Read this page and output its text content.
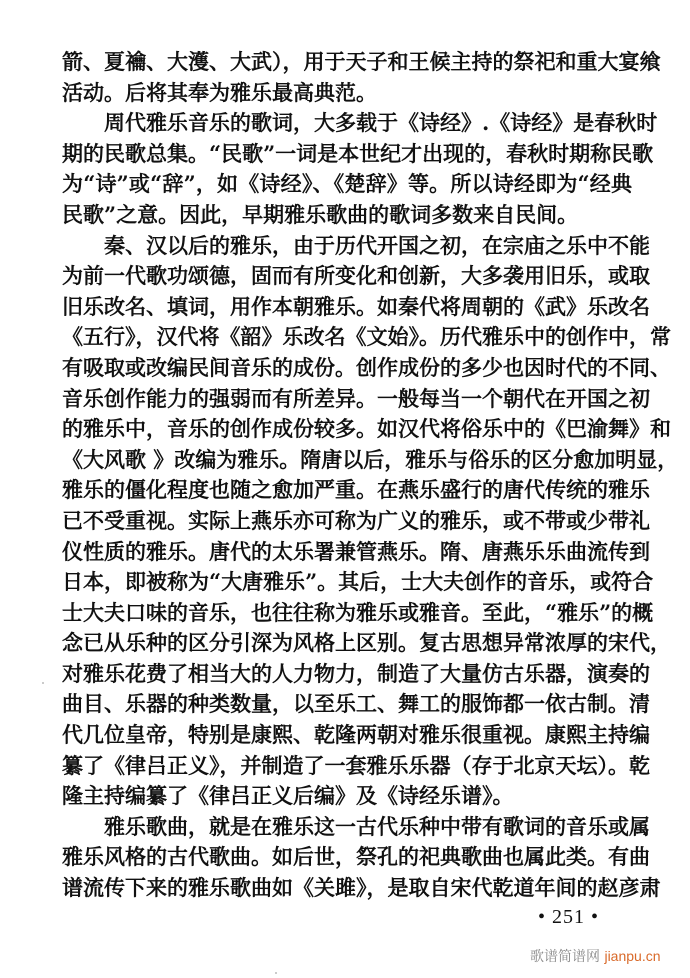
箭、夏禴、大濩、大武），用于天子和王候主持的祭祀和重大宴飨
活动。后将其奉为雅乐最高典范。
周代雅乐音乐的歌词，大多载于《诗经》.《诗经》是春秋时
期的民歌总集。“民歌”一词是本世纪才出现的，春秋时期称民歌
为“诗”或“辞”，如《诗经》、《楚辞》等。所以诗经即为“经典
民歌”之意。因此，早期雅乐歌曲的歌词多数来自民间。
秦、汉以后的雅乐，由于历代开国之初，在宗庙之乐中不能
为前一代歌功颂德，固而有所变化和创新，大多袭用旧乐，或取
旧乐改名、填词，用作本朝雅乐。如秦代将周朝的《武》乐改名
《五行》，汉代将《韶》乐改名《文始》。历代雅乐中的创作中，常
有吸取或改编民间音乐的成份。创作成份的多少也因时代的不同、
音乐创作能力的强弱而有所差异。一般每当一个朝代在开国之初
的雅乐中，音乐的创作成份较多。如汉代将俗乐中的《巴渝舞》和
《大风歌 》改编为雅乐。隋唐以后，雅乐与俗乐的区分愈加明显，
雅乐的僵化程度也随之愈加严重。在燕乐盛行的唐代传统的雅乐
已不受重视。实际上燕乐亦可称为广义的雅乐，或不带或少带礼
仪性质的雅乐。唐代的太乐署兼管燕乐。隋、唐燕乐乐曲流传到
日本，即被称为“大唐雅乐”。其后，士大夫创作的音乐，或符合
士大夫口味的音乐，也往往称为雅乐或雅音。至此，“雅乐”的概
念已从乐种的区分引深为风格上区别。复古思想异常浓厚的宋代，
对雅乐花费了相当大的人力物力，制造了大量仿古乐器，演奏的
曲目、乐器的种类数量，以至乐工、舞工的服饰都一依古制。清
代几位皇帝，特别是康熙、乾隆两朝对雅乐很重视。康熙主持编
纂了《律吕正义》，并制造了一套雅乐乐器（存于北京天坛）。乾
隆主持编纂了《律吕正义后编》及《诗经乐谱》。
雅乐歌曲，就是在雅乐这一古代乐种中带有歌词的音乐或属
雅乐风格的古代歌曲。如后世，祭孔的祀典歌曲也属此类。有曲
谱流传下来的雅乐歌曲如《关雎》，是取自宋代乾道年间的赵彦肃
• 251 •
歌谱简谱网 jianpu.cn
